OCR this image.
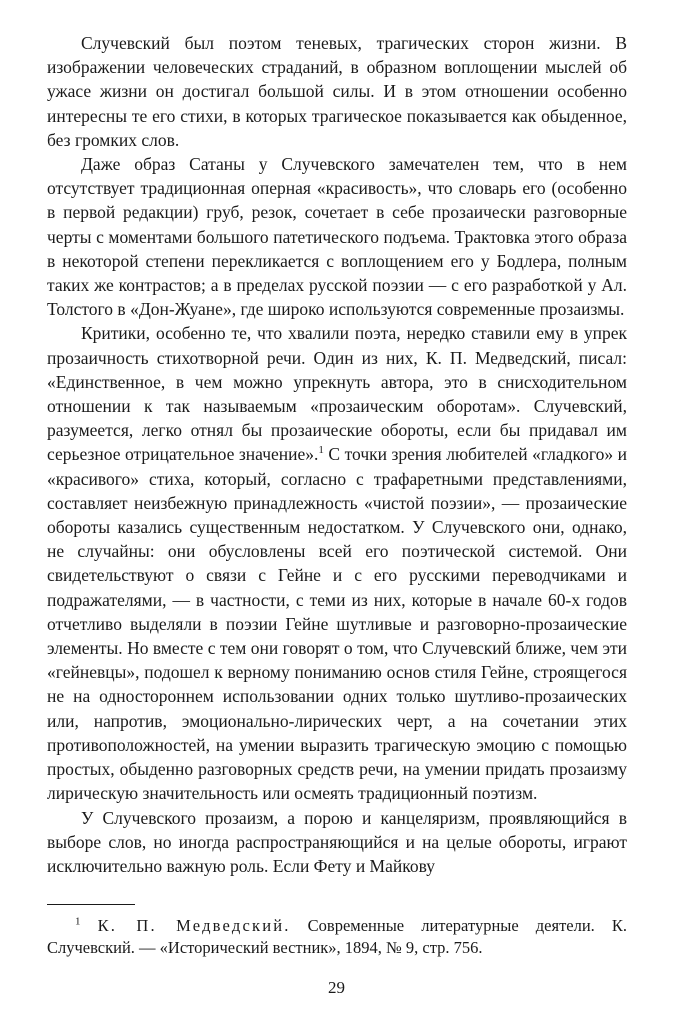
Случевский был поэтом теневых, трагических сторон жизни. В изображении человеческих страданий, в образном воплощении мыслей об ужасе жизни он достигал большой силы. И в этом отношении особенно интересны те его стихи, в которых трагическое показывается как обыденное, без громких слов.

Даже образ Сатаны у Случевского замечателен тем, что в нем отсутствует традиционная оперная «красивость», что словарь его (особенно в первой редакции) груб, резок, сочетает в себе прозаически разговорные черты с моментами большого патетического подъема. Трактовка этого образа в некоторой степени перекликается с воплощением его у Бодлера, полным таких же контрастов; а в пределах русской поэзии — с его разработкой у Ал. Толстого в «Дон-Жуане», где широко используются современные прозаизмы.

Критики, особенно те, что хвалили поэта, нередко ставили ему в упрек прозаичность стихотворной речи. Один из них, К. П. Медведский, писал: «Единственное, в чем можно упрекнуть автора, это в снисходительном отношении к так называемым «прозаическим оборотам». Случевский, разумеется, легко отнял бы прозаические обороты, если бы придавал им серьезное отрицательное значение».$^1$ С точки зрения любителей «гладкого» и «красивого» стиха, который, согласно с трафаретными представлениями, составляет неизбежную принадлежность «чистой поэзии», — прозаические обороты казались существенным недостатком. У Случевского они, однако, не случайны: они обусловлены всей его поэтической системой. Они свидетельствуют о связи с Гейне и с его русскими переводчиками и подражателями, — в частности, с теми из них, которые в начале 60-х годов отчетливо выделяли в поэзии Гейне шутливые и разговорно-прозаические элементы. Но вместе с тем они говорят о том, что Случевский ближе, чем эти «гейневцы», подошел к верному пониманию основ стиля Гейне, строящегося не на одностороннем использовании одних только шутливо-прозаических или, напротив, эмоционально-лирических черт, а на сочетании этих противоположностей, на умении выразить трагическую эмоцию с помощью простых, обыденно разговорных средств речи, на умении придать прозаизму лирическую значительность или осмеять традиционный поэтизм.

У Случевского прозаизм, а порою и канцеляризм, проявляющийся в выборе слов, но иногда распространяющийся и на целые обороты, играют исключительно важную роль. Если Фету и Майкову

$^1$ К. П. Медведский. Современные литературные деятели. К. Случевский. — «Исторический вестник», 1894, № 9, стр. 756.

29
